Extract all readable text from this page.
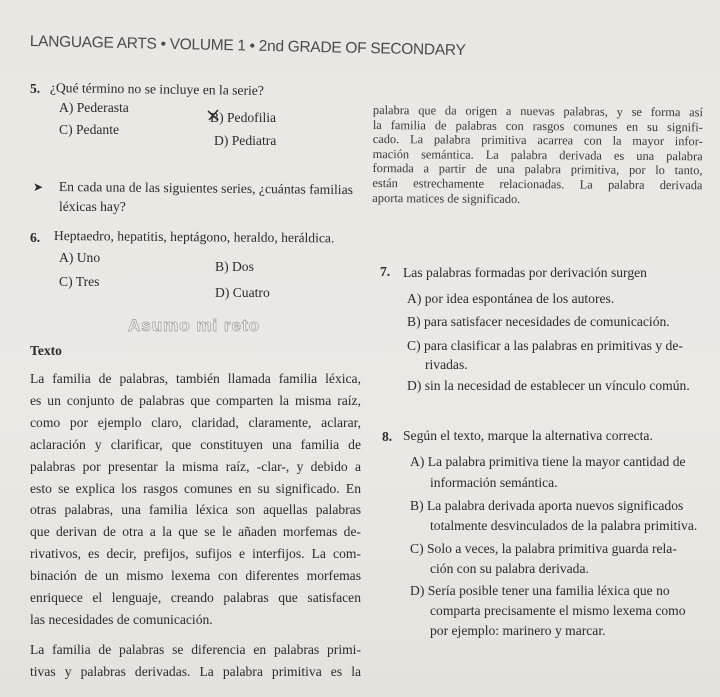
LANGUAGE ARTS • VOLUME 1 • 2nd GRADE OF SECONDARY
5. ¿Qué término no se incluye en la serie?
A) Pederasta
B) Pedofilia
C) Pedante
D) Pediatra
➤ En cada una de las siguientes series, ¿cuántas familias
léxicas hay?
6. Heptaedro, hepatitis, heptágono, heraldo, heráldica.
A) Uno
B) Dos
C) Tres
D) Cuatro
Asumo mi reto
Texto
La familia de palabras, también llamada familia léxica,
es un conjunto de palabras que comparten la misma raíz,
como por ejemplo claro, claridad, claramente, aclarar,
aclaración y clarificar, que constituyen una familia de
palabras por presentar la misma raíz, -clar-, y debido a
esto se explica los rasgos comunes en su significado. En
otras palabras, una familia léxica son aquellas palabras
que derivan de otra a la que se le añaden morfemas de-
rivativos, es decir, prefijos, sufijos e interfijos. La com-
binación de un mismo lexema con diferentes morfemas
enriquece el lenguaje, creando palabras que satisfacen
las necesidades de comunicación.
La familia de palabras se diferencia en palabras primi-
tivas y palabras derivadas. La palabra primitiva es la
palabra que da origen a nuevas palabras, y se forma así
la familia de palabras con rasgos comunes en su signifi-
cado. La palabra primitiva acarrea con la mayor infor-
mación semántica. La palabra derivada es una palabra
formada a partir de una palabra primitiva, por lo tanto,
están estrechamente relacionadas. La palabra derivada
aporta matices de significado.
7. Las palabras formadas por derivación surgen
A) por idea espontánea de los autores.
B) para satisfacer necesidades de comunicación.
C) para clasificar a las palabras en primitivas y de-
rivadas.
D) sin la necesidad de establecer un vínculo común.
8. Según el texto, marque la alternativa correcta.
A) La palabra primitiva tiene la mayor cantidad de
información semántica.
B) La palabra derivada aporta nuevos significados
totalmente desvinculados de la palabra primitiva.
C) Solo a veces, la palabra primitiva guarda rela-
ción con su palabra derivada.
D) Sería posible tener una familia léxica que no
comparta precisamente el mismo lexema como
por ejemplo: marinero y marcar.
